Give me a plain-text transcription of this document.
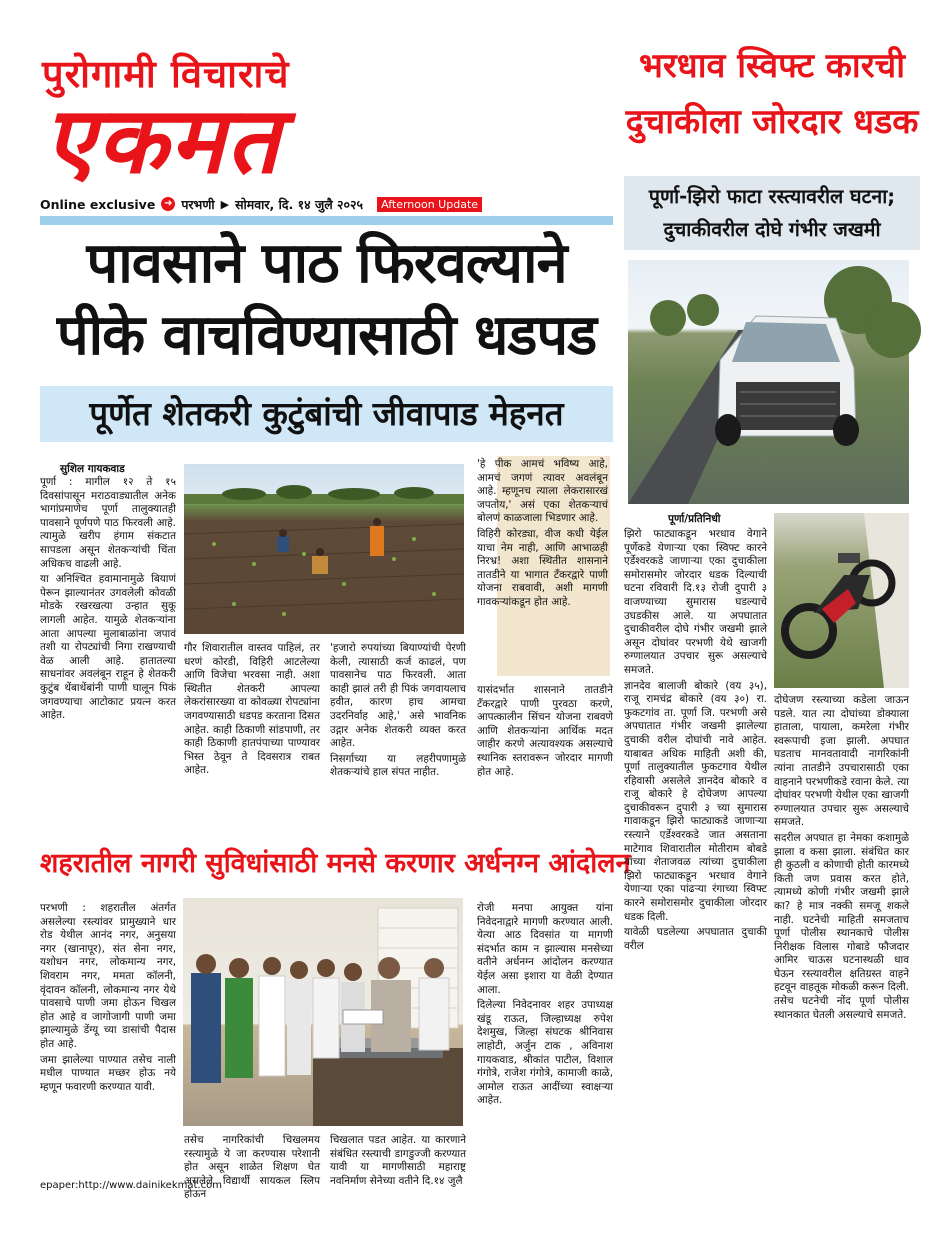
पुरोगामी विचाराचे
एकमत
Online exclusive ➜ परभणी ▶ सोमवार, दि. १४ जुलै २०२५	Afternoon Update
पावसाने पाठ फिरवल्याने
पीके वाचविण्यासाठी धडपड
पूर्णेत शेतकरी कुटुंबांची जीवापाड मेहनत
सुशिल गायकवाड

पूर्णा : मागील १२ ते १५ दिवसांपासून मराठवाड्यातील अनेक भागांप्रमाणेच पूर्णा तालुक्यातही पावसाने पूर्णपणे पाठ फिरवली आहे. त्यामुळे खरीप हंगाम संकटात सापडला असून शेतकऱ्यांची चिंता अधिकच वाढली आहे.

या अनिश्चित हवामानामुळे बियाणं पेरून झाल्यानंतर उगवलेली कोवळी मोडके रखरखत्या उन्हात सुकू लागली आहेत. यामुळे शेतकऱ्यांना आता आपल्या मुलाबाळांना जपावं तशी या रोपट्यांची निगा राखण्याची वेळ आली आहे. हातातल्या साधनांवर अवलंबून राहून हे शेतकरी कुटुंब थेंबाथेंबांनी पाणी घालून पिकं जगवण्याचा आटोकाट प्रयत्न करत आहेत.

गौर शिवारातील वास्तव पाहिलं, तर धरणं कोरडी, विहिरी आटलेल्या आणि विजेचा भरवसा नाही. अशा स्थितीत शेतकरी आपल्या लेकरांसारख्या वा कोवळ्या रोपट्यांना जगवण्यासाठी धडपड करताना दिसत आहेत. काही ठिकाणी सांडपाणी, तर काही ठिकाणी हातपंपाच्या पाण्यावर भिस्त ठेवून ते दिवसरात्र राबत आहेत.

'हजारो रुपयांच्या बियाण्यांची पेरणी केली, त्यासाठी कर्ज काढलं, पण पावसानेच पाठ फिरवली. आता काही झालं तरी ही पिकं जगवायलाच हवीत, कारण हाच आमचा उदरनिर्वाह आहे,' असे भावनिक उद्गार अनेक शेतकरी व्यक्त करत आहेत.

निसर्गाच्या या लहरीपणामुळे शेतकऱ्यांचे हाल संपत नाहीत.

'हे पीक आमचं भविष्य आहे, आमचं जगणं त्यावर अवलंबून आहे. म्हणूनच त्याला लेकरासारखं जपतोय,' असं एका शेतकऱ्याचं बोलणं काळजाला भिडणार आहे.

विहिरी कोरड्या, वीज कधी येईल याचा नेम नाही, आणि आभाळही निरभ्र! अशा स्थितीत शासनाने तातडीने या भागात टँकरद्वारे पाणी योजना राबवावी, अशी मागणी गावकऱ्यांकडून होत आहे.

यासंदर्भात शासनाने तातडीने टँकरद्वारे पाणी पुरवठा करणे, आपत्कालीन सिंचन योजना राबवणे आणि शेतकऱ्यांना आर्थिक मदत जाहीर करणे अत्यावश्यक असल्याचे स्थानिक स्तरावरून जोरदार मागणी होत आहे.

शहरातील नागरी सुविधांसाठी मनसे करणार अर्धनग्न आंदोलन

परभणी : शहरातील अंतर्गत असलेल्या रस्त्यांवर प्रामुख्याने धार रोड येथील आनंद नगर, अनुसया नगर (खानापूर), संत सेना नगर, यशोधन नगर, लोकमान्य नगर, शिवराम नगर, ममता कॉलनी, वृंदावन कॉलनी, लोकमान्य नगर येथे पावसाचे पाणी जमा होऊन चिखल होत आहे व जागोजागी पाणी जमा झाल्यामुळे डेंग्यू च्या डासांची पैदास होत आहे.

जमा झालेल्या पाण्यात तसेच नाली मधील पाण्यात मच्छर होऊ नये म्हणून फवारणी करण्यात यावी.

तसेच नागरिकांची चिखलमय रस्त्यामुळे ये जा करण्यास परेशानी होत असून शाळेत शिक्षण घेत असलेले विद्यार्थी सायकल स्लिप होऊन

चिखलात पडत आहेत. या कारणाने संबंधित रस्त्याची डागडुज्जी करण्यात यावी या मागणीसाठी महाराष्ट्र नवनिर्माण सेनेच्या वतीने दि.१४ जुलै

रोजी मनपा आयुक्त यांना निवेदनाद्वारे मागणी करण्यात आली. येत्या आठ दिवसांत या मागणी संदर्भात काम न झाल्यास मनसेच्या वतीने अर्धनग्न आंदोलन करण्यात येईल असा इशारा या वेळी देण्यात आला.

दिलेल्या निवेदनावर शहर उपाध्यक्ष खंडू राऊत, जिल्हाध्यक्ष रुपेश देशमुख, जिल्हा संघटक श्रीनिवास लाहोटी, अर्जुन टाक , अविनाश गायकवाड, श्रीकांत पाटील, विशाल गंगोत्रे, राजेश गंगोत्रे, कामाजी काळे, आमोल राऊत आदींच्या स्वाक्षऱ्या आहेत.

epaper:http://www.dainikekmat.com
भरधाव स्विफ्ट कारची
दुचाकीला जोरदार धडक
पूर्णा-झिरो फाटा रस्त्यावरील घटना;
दुचाकीवरील दोघे गंभीर जखमी
पूर्णा/प्रतिनिधी

झिरो फाट्याकडून भरधाव वेगाने पूर्णेकडे येणाऱ्या एका स्विफ्ट कारने एर्डेश्वरकडे जाणाऱ्या एका दुचाकीला समोरासमोर जोरदार धडक दिल्याची घटना रविवारी दि.१३ रोजी दुपारी ३ वाजण्याच्या सुमारास घडल्याचे उघडकीस आले. या अपघातात दुचाकीवरील दोघे गंभीर जखमी झाले असून दोघांवर परभणी येथे खाजगी रुग्णालयात उपचार सुरू असल्याचे समजते.

ज्ञानदेव बालाजी बोकारे (वय ३५), राजू रामचंद्र बोकारे (वय ३०) रा. फुकटगांव ता. पूर्णा जि. परभणी असे अपघातात गंभीर जखमी झालेल्या दुचाकी वरील दोघांची नावे आहेत. याबाबत अधिक माहिती अशी की, पूर्णा तालुक्यातील फुकटगाव येथील रहिवासी असलेले ज्ञानदेव बोकारे व राजू बोकारे हे दोघेजण आपल्या दुचाकीवरून दुपारी ३ च्या सुमारास गावाकडून झिरो फाट्याकडे जाणाऱ्या रस्त्याने एर्डेश्वरकडे जात असताना माटेगाव शिवारातील मोतीराम बोबडे यांच्या शेताजवळ त्यांच्या दुचाकीला झिरो फाट्याकडून भरधाव वेगाने येणाऱ्या एका पांढऱ्या रंगाच्या स्विफ्ट कारने समोरासमोर दुचाकीला जोरदार धडक दिली.

यावेळी घडलेल्या अपघातात दुचाकी वरील

दोघेजण रस्त्याच्या कडेला जाऊन पडले. यात त्या दोघांच्या डोक्याला हाताला, पायाला, कमरेला गंभीर स्वरूपाची इजा झाली. अपघात घडताच मानवतावादी नागरिकांनी त्यांना तातडीने उपचारासाठी एका वाहनाने परभणीकडे रवाना केले. त्या दोघांवर परभणी येथील एका खाजगी रुग्णालयात उपचार सुरू असल्याचे समजते.

सदरील अपघात हा नेमका कशामुळे झाला व कसा झाला. संबंधित कार ही कुठली व कोणाची होती कारमध्ये किती जण प्रवास करत होते, त्यामध्ये कोणी गंभीर जखमी झाले का? हे मात्र नक्की समजू शकले नाही. घटनेची माहिती समजताच पूर्णा पोलीस स्थानकाचे पोलीस निरीक्षक विलास गोबाडे फौजदार आमिर चाऊस घटनास्थळी धाव घेऊन रस्त्यावरील क्षतिग्रस्त वाहने हटवून वाहतूक मोकळी करून दिली. तसेच घटनेची नोंद पूर्णा पोलीस स्थानकात घेतली असल्याचे समजते.
